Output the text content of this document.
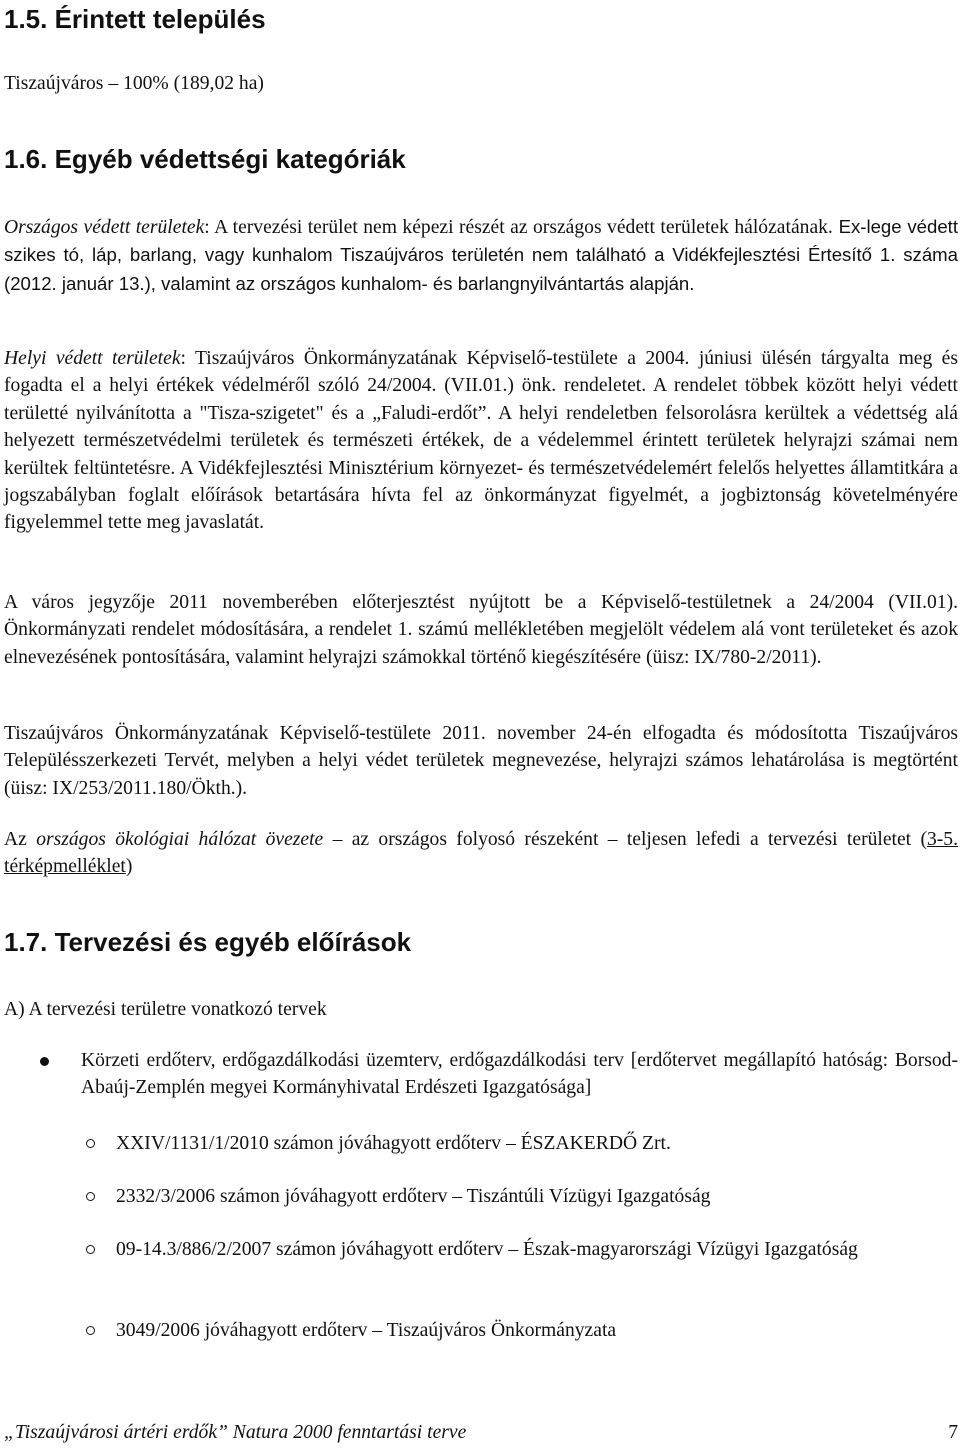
1.5. Érintett település
Tiszaújváros – 100% (189,02 ha)
1.6. Egyéb védettségi kategóriák
Országos védett területek: A tervezési terület nem képezi részét az országos védett területek hálózatának. Ex-lege védett szikes tó, láp, barlang, vagy kunhalom Tiszaújváros területén nem található a Vidékfejlesztési Értesítő 1. száma (2012. január 13.), valamint az országos kunhalom- és barlangnyilvántartás alapján.
Helyi védett területek: Tiszaújváros Önkormányzatának Képviselő-testülete a 2004. júniusi ülésén tárgyalta meg és fogadta el a helyi értékek védelméről szóló 24/2004. (VII.01.) önk. rendeletet. A rendelet többek között helyi védett területté nyilvánította a "Tisza-szigetet" és a „Faludi-erdőt”. A helyi rendeletben felsorolásra kerültek a védettség alá helyezett természetvédelmi területek és természeti értékek, de a védelemmel érintett területek helyrajzi számai nem kerültek feltüntetésre. A Vidékfejlesztési Minisztérium környezet- és természetvédelemért felelős helyettes államtitkára a jogszabályban foglalt előírások betartására hívta fel az önkormányzat figyelmét, a jogbiztonság követelményére figyelemmel tette meg javaslatát.
A város jegyzője 2011 novemberében előterjesztést nyújtott be a Képviselő-testületnek a 24/2004 (VII.01). Önkormányzati rendelet módosítására, a rendelet 1. számú mellékletében megjelölt védelem alá vont területeket és azok elnevezésének pontosítására, valamint helyrajzi számokkal történő kiegészítésére (üisz: IX/780-2/2011).
Tiszaújváros Önkormányzatának Képviselő-testülete 2011. november 24-én elfogadta és módosította Tiszaújváros Településszerkezeti Tervét, melyben a helyi védet területek megnevezése, helyrajzi számos lehatárolása is megtörtént (üisz: IX/253/2011.180/Ökth.).
Az országos ökológiai hálózat övezete – az országos folyosó részeként – teljesen lefedi a tervezési területet (3-5. térképmelléklet)
1.7. Tervezési és egyéb előírások
A) A tervezési területre vonatkozó tervek
Körzeti erdőterv, erdőgazdálkodási üzemterv, erdőgazdálkodási terv [erdőtervet megállapító hatóság: Borsod-Abaúj-Zemplén megyei Kormányhivatal Erdészeti Igazgatósága]
XXIV/1131/1/2010 számon jóváhagyott erdőterv – ÉSZAKERDŐ Zrt.
2332/3/2006 számon jóváhagyott erdőterv – Tiszántúli Vízügyi Igazgatóság
09-14.3/886/2/2007 számon jóváhagyott erdőterv – Észak-magyarországi Vízügyi Igazgatóság
3049/2006 jóváhagyott erdőterv – Tiszaújváros Önkormányzata
„Tiszaújvárosi ártéri erdők” Natura 2000 fenntartási terve	7
